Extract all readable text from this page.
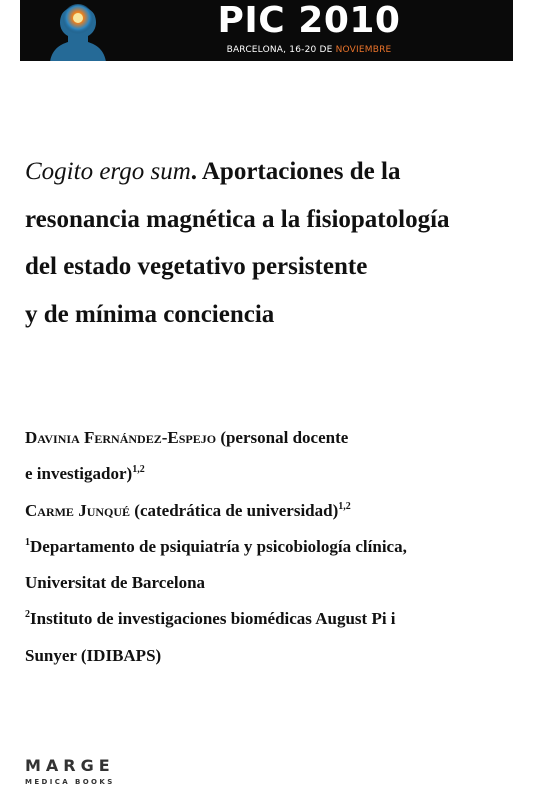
PIC 2010
BARCELONA, 16-20 DE NOVIEMBRE
Cogito ergo sum. Aportaciones de la
resonancia magnética a la fisiopatología
del estado vegetativo persistente
y de mínima conciencia
Davinia Fernández-Espejo (personal docente
e investigador)$^{1,2}$
Carme Junqué (catedrática de universidad)$^{1,2}$
$^1$Departamento de psiquiatría y psicobiología clínica,
Universitat de Barcelona
$^2$Instituto de investigaciones biomédicas August Pi i
Sunyer (IDIBAPS)
MARGE
MEDICA BOOKS
